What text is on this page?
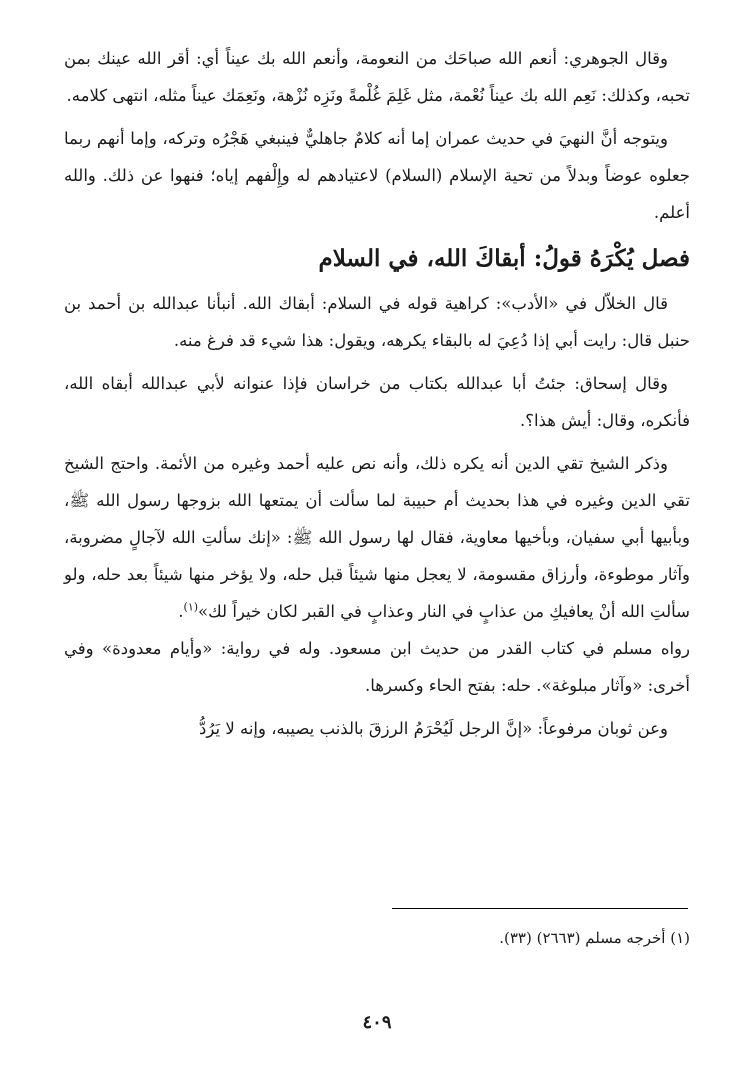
وقال الجوهري: أنعم الله صباحَك من النعومة، وأنعم الله بك عيناً أي: أقر الله عينك بمن تحبه، وكذلك: نَعِم الله بك عيناً نُعْمة، مثل غَلِمَ غُلْمةً ونَزِه نُزْهة، ونَعِمَك عيناً مثله، انتهى كلامه.

ويتوجه أنَّ النهيَ في حديث عمران إما أنه كلامٌ جاهليٌّ فينبغي هَجْرُه وتركه، وإما أنهم ربما جعلوه عوضاً وبدلاً من تحية الإسلام (السلام) لاعتيادهم له وإِلْفهم إياه؛ فنهوا عن ذلك. والله أعلم.

فصل يُكْرَهُ قولُ: أبقاكَ الله، في السلام

قال الخلاّل في «الأدب»: كراهية قوله في السلام: أبقاك الله. أنبأنا عبدالله بن أحمد بن حنبل قال: رايت أبي إذا دُعِيَ له بالبقاء يكرهه، ويقول: هذا شيء قد فرغ منه.

وقال إسحاق: جئتُ أبا عبدالله بكتاب من خراسان فإذا عنوانه لأبي عبدالله أبقاه الله، فأنكره، وقال: أيش هذا؟.

وذكر الشيخ تقي الدين أنه يكره ذلك، وأنه نص عليه أحمد وغيره من الأئمة. واحتج الشيخ تقي الدين وغيره في هذا بحديث أم حبيبة لما سألت أن يمتعها الله بزوجها رسول الله ﷺ، وبأبيها أبي سفيان، وبأخيها معاوية، فقال لها رسول الله ﷺ: «إنك سألتِ الله لآجالٍ مضروبة، وآثار موطوءة، وأرزاق مقسومة، لا يعجل منها شيئاً قبل حله، ولا يؤخر منها شيئاً بعد حله، ولو سألتِ الله أنْ يعافيكِ من عذابٍ في النار وعذابٍ في القبر لكان خيراً لك»$^{(١)}$.

رواه مسلم في كتاب القدر من حديث ابن مسعود. وله في رواية: «وأيام معدودة» وفي أخرى: «وآثار مبلوغة». حله: بفتح الحاء وكسرها.

وعن ثوبان مرفوعاً: «إنَّ الرجل لَيُحْرَمُ الرزقَ بالذنب يصيبه، وإنه لا يَرُدُّ

(١) أخرجه مسلم (٢٦٦٣) (٣٣).
٤٠٩
